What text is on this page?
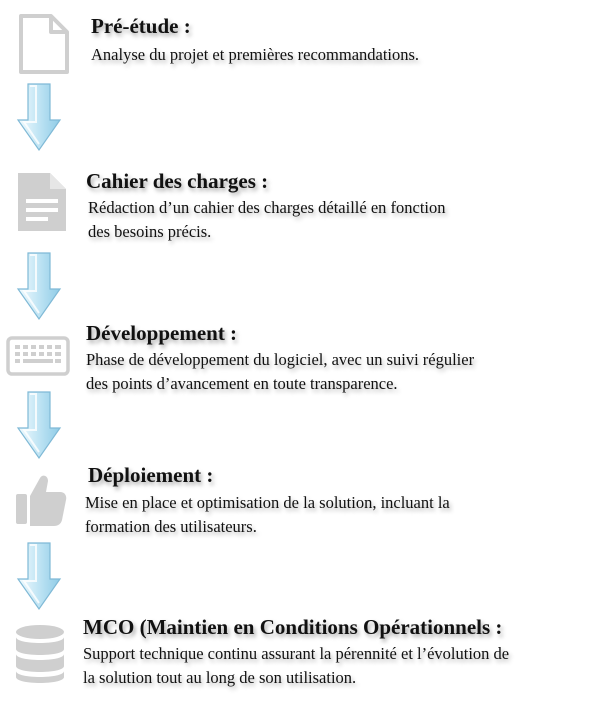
Pré-étude :
Analyse du projet et premières recommandations.
Cahier des charges :
Rédaction d’un cahier des charges détaillé en fonction
des besoins précis.
Développement :
Phase de développement du logiciel, avec un suivi régulier
des points d’avancement en toute transparence.
Déploiement :
Mise en place et optimisation de la solution, incluant la
formation des utilisateurs.
MCO (Maintien en Conditions Opérationnels :
Support technique continu assurant la pérennité et l’évolution de
la solution tout au long de son utilisation.
